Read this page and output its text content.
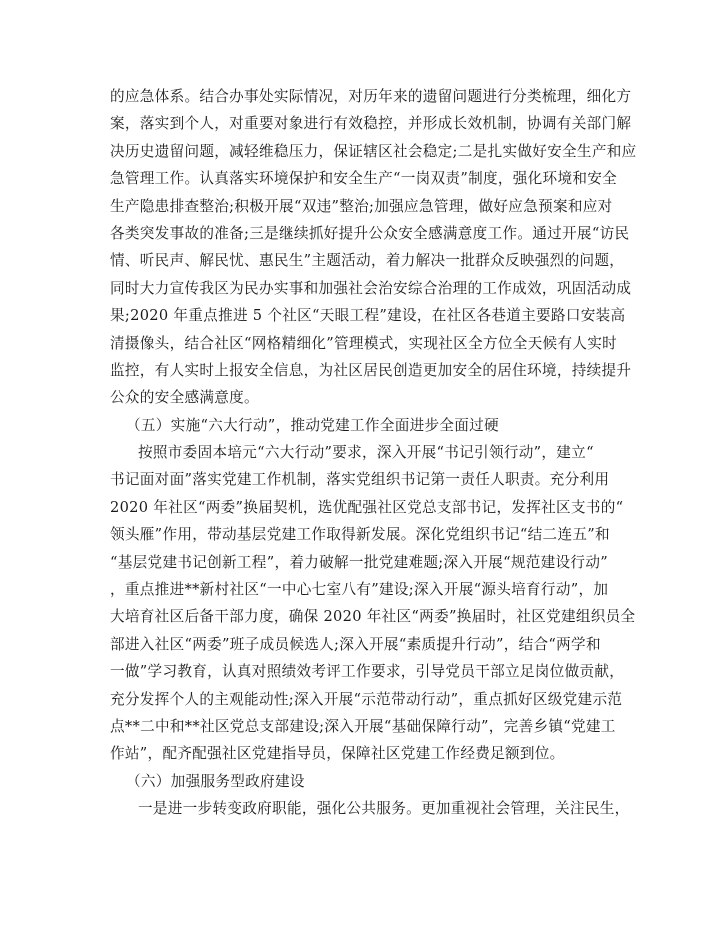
的应急体系。结合办事处实际情况，对历年来的遗留问题进行分类梳理，细化方
案，落实到个人，对重要对象进行有效稳控，并形成长效机制，协调有关部门解
决历史遗留问题，减轻维稳压力，保证辖区社会稳定;二是扎实做好安全生产和应
急管理工作。认真落实环境保护和安全生产“一岗双责”制度，强化环境和安全
生产隐患排查整治;积极开展“双违”整治;加强应急管理，做好应急预案和应对
各类突发事故的准备;三是继续抓好提升公众安全感满意度工作。通过开展“访民
情、听民声、解民忧、惠民生”主题活动，着力解决一批群众反映强烈的问题，
同时大力宣传我区为民办实事和加强社会治安综合治理的工作成效，巩固活动成
果;2020 年重点推进 5 个社区“天眼工程”建设，在社区各巷道主要路口安装高
清摄像头，结合社区“网格精细化”管理模式，实现社区全方位全天候有人实时
监控，有人实时上报安全信息，为社区居民创造更加安全的居住环境，持续提升
公众的安全感满意度。
（五）实施“六大行动”，推动党建工作全面进步全面过硬
按照市委固本培元“六大行动”要求，深入开展“书记引领行动”，建立“
书记面对面”落实党建工作机制，落实党组织书记第一责任人职责。充分利用
2020 年社区“两委”换届契机，选优配强社区党总支部书记，发挥社区支书的“
领头雁”作用，带动基层党建工作取得新发展。深化党组织书记“结二连五”和
“基层党建书记创新工程”，着力破解一批党建难题;深入开展“规范建设行动”
，重点推进**新村社区“一中心七室八有”建设;深入开展“源头培育行动”，加
大培育社区后备干部力度，确保 2020 年社区“两委”换届时，社区党建组织员全
部进入社区“两委”班子成员候选人;深入开展“素质提升行动”，结合“两学和
一做”学习教育，认真对照绩效考评工作要求，引导党员干部立足岗位做贡献，
充分发挥个人的主观能动性;深入开展“示范带动行动”，重点抓好区级党建示范
点**二中和**社区党总支部建设;深入开展“基础保障行动”，完善乡镇“党建工
作站”，配齐配强社区党建指导员，保障社区党建工作经费足额到位。
（六）加强服务型政府建设
一是进一步转变政府职能，强化公共服务。更加重视社会管理，关注民生，
